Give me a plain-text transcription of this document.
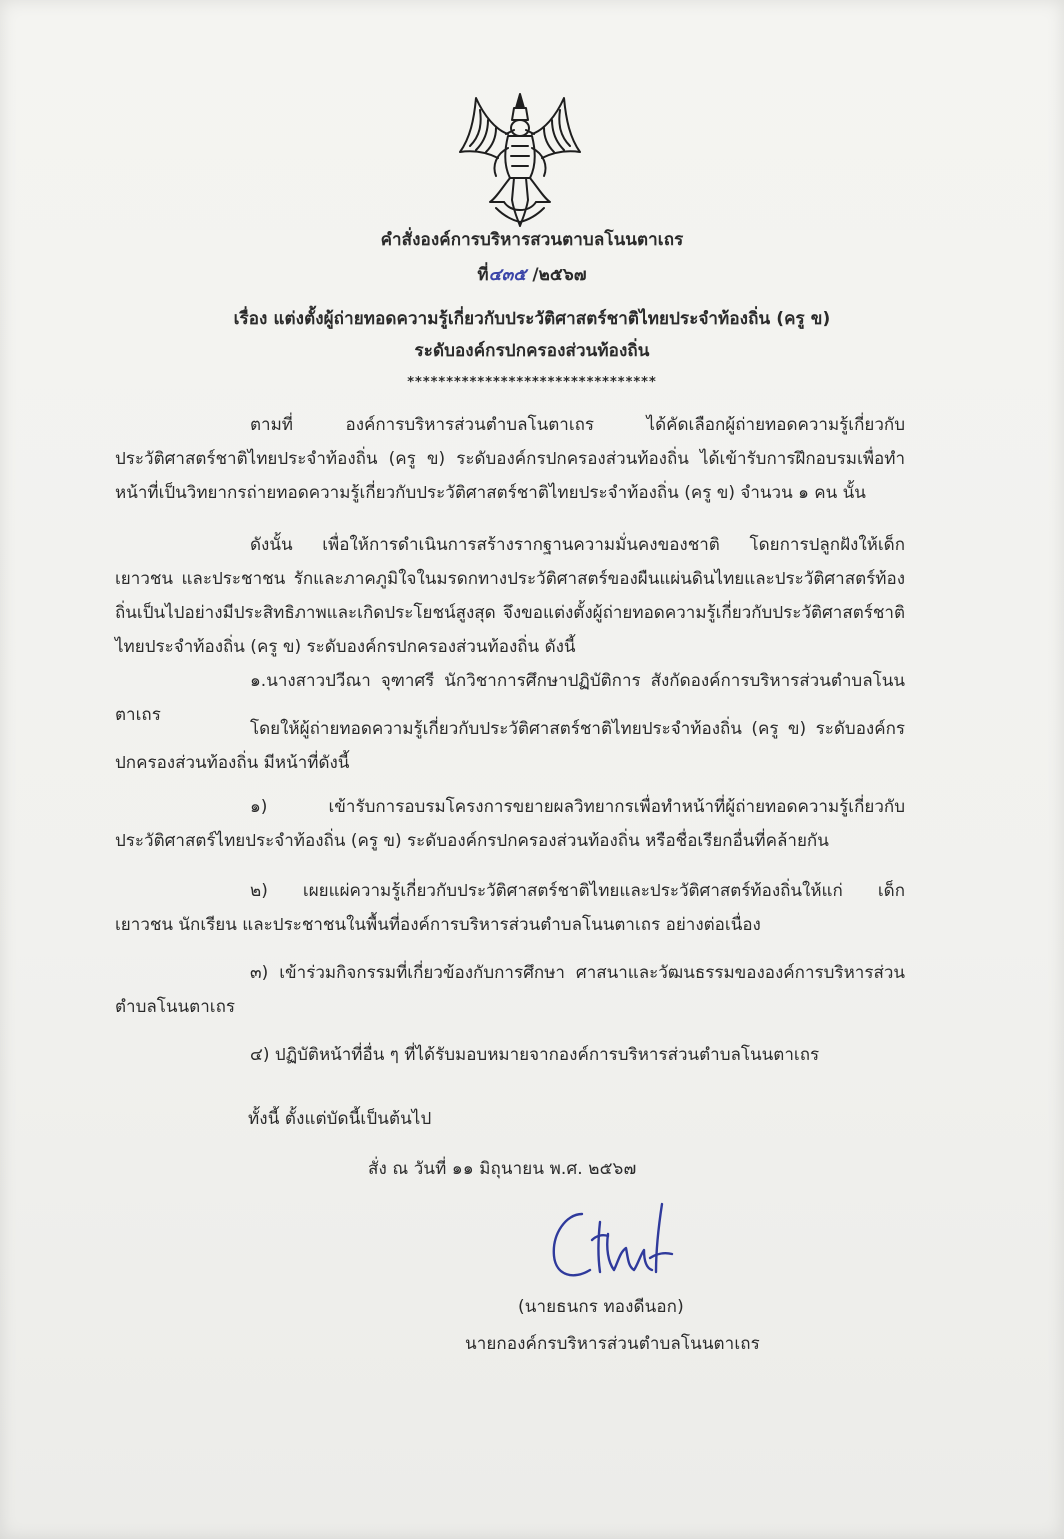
คำสั่งองค์การบริหารสวนตาบลโนนตาเถร
ที่๔๓๕ /๒๕๖๗
เรื่อง แต่งตั้งผู้ถ่ายทอดความรู้เกี่ยวกับประวัติศาสตร์ชาติไทยประจำท้องถิ่น (ครู ข)
ระดับองค์กรปกครองส่วนท้องถิ่น
********************************
ตามที่ องค์การบริหารส่วนตำบลโนตาเถร ได้คัดเลือกผู้ถ่ายทอดความรู้เกี่ยวกับประวัติศาสตร์ชาติไทยประจำท้องถิ่น (ครู ข) ระดับองค์กรปกครองส่วนท้องถิ่น ได้เข้ารับการฝึกอบรมเพื่อทำหน้าที่เป็นวิทยากรถ่ายทอดความรู้เกี่ยวกับประวัติศาสตร์ชาติไทยประจำท้องถิ่น (ครู ข) จำนวน ๑ คน นั้น
ดังนั้น เพื่อให้การดำเนินการสร้างรากฐานความมั่นคงของชาติ โดยการปลูกฝังให้เด็ก เยาวชน และประชาชน รักและภาคภูมิใจในมรดกทางประวัติศาสตร์ของผืนแผ่นดินไทยและประวัติศาสตร์ท้องถิ่นเป็นไปอย่างมีประสิทธิภาพและเกิดประโยชน์สูงสุด จึงขอแต่งตั้งผู้ถ่ายทอดความรู้เกี่ยวกับประวัติศาสตร์ชาติไทยประจำท้องถิ่น (ครู ข) ระดับองค์กรปกครองส่วนท้องถิ่น ดังนี้
๑.นางสาวปวีณา จุฑาศรี นักวิชาการศึกษาปฏิบัติการ สังกัดองค์การบริหารส่วนตำบลโนนตาเถร
โดยให้ผู้ถ่ายทอดความรู้เกี่ยวกับประวัติศาสตร์ชาติไทยประจำท้องถิ่น (ครู ข) ระดับองค์กรปกครองส่วนท้องถิ่น มีหน้าที่ดังนี้
๑) เข้ารับการอบรมโครงการขยายผลวิทยากรเพื่อทำหน้าที่ผู้ถ่ายทอดความรู้เกี่ยวกับประวัติศาสตร์ไทยประจำท้องถิ่น (ครู ข) ระดับองค์กรปกครองส่วนท้องถิ่น หรือชื่อเรียกอื่นที่คล้ายกัน
๒) เผยแผ่ความรู้เกี่ยวกับประวัติศาสตร์ชาติไทยและประวัติศาสตร์ท้องถิ่นให้แก่ เด็ก เยาวชน นักเรียน และประชาชนในพื้นที่องค์การบริหารส่วนตำบลโนนตาเถร อย่างต่อเนื่อง
๓) เข้าร่วมกิจกรรมที่เกี่ยวข้องกับการศึกษา ศาสนาและวัฒนธรรมขององค์การบริหารส่วนตำบลโนนตาเถร
๔) ปฏิบัติหน้าที่อื่น ๆ ที่ได้รับมอบหมายจากองค์การบริหารส่วนตำบลโนนตาเถร
ทั้งนี้ ตั้งแต่บัดนี้เป็นต้นไป
สั่ง ณ วันที่ ๑๑ มิถุนายน พ.ศ. ๒๕๖๗
(นายธนกร ทองดีนอก)
นายกองค์กรบริหารส่วนตำบลโนนตาเถร
